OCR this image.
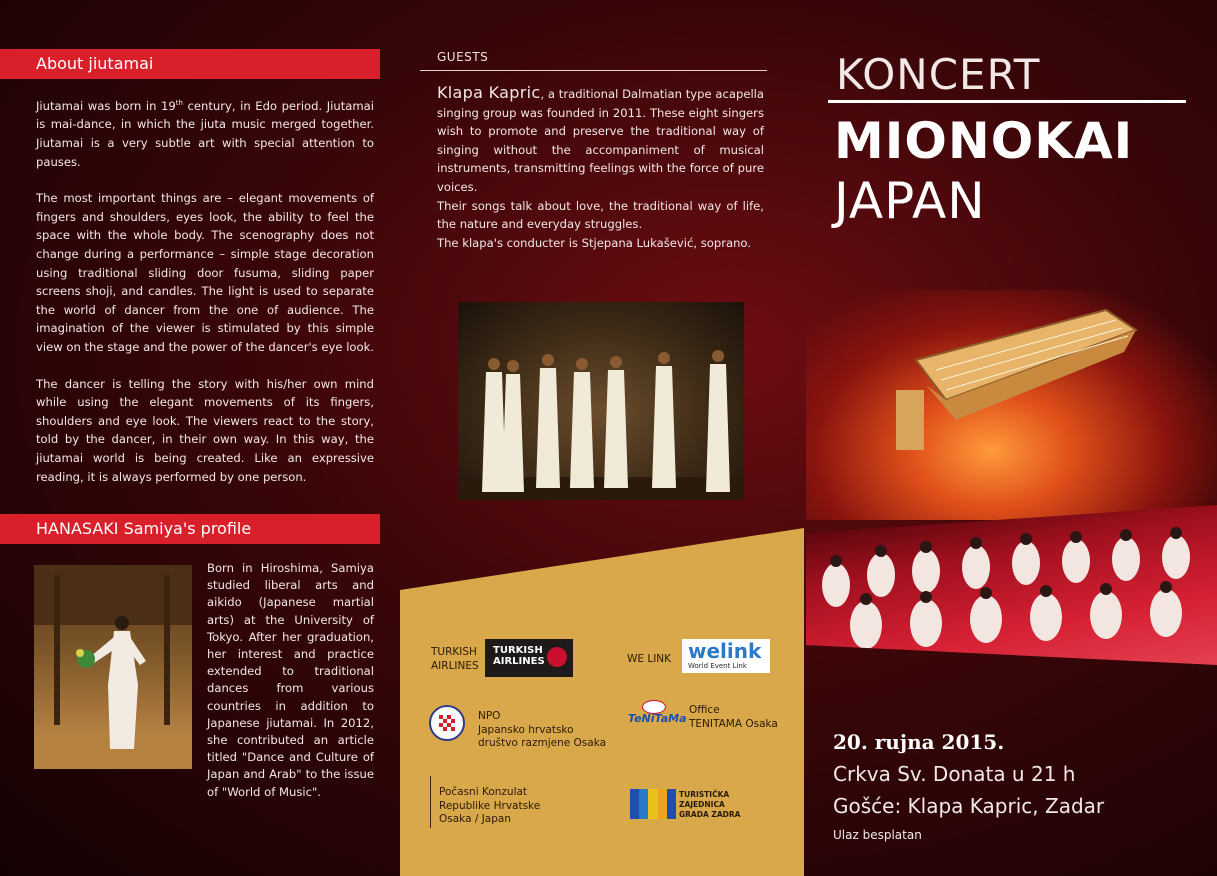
About jiutamai

Jiutamai was born in 19th century, in Edo period. Jiutamai is mai-dance, in which the jiuta music merged together. Jiutamai is a very subtle art with special attention to pauses.

The most important things are – elegant movements of fingers and shoulders, eyes look, the ability to feel the space with the whole body. The scenography does not change during a performance – simple stage decoration using traditional sliding door fusuma, sliding paper screens shoji, and candles. The light is used to separate the world of dancer from the one of audience. The imagination of the viewer is stimulated by this simple view on the stage and the power of the dancer's eye look.

The dancer is telling the story with his/her own mind while using the elegant movements of its fingers, shoulders and eye look. The viewers react to the story, told by the dancer, in their own way. In this way, the jiutamai world is being created. Like an expressive reading, it is always performed by one person.

HANASAKI Samiya's profile
Born in Hiroshima, Samiya studied liberal arts and aikido (Japanese martial arts) at the University of Tokyo. After her graduation, her interest and practice extended to traditional dances from various countries in addition to Japanese jiutamai. In 2012, she contributed an article titled "Dance and Culture of Japan and Arab" to the issue of "World of Music".
GUESTS
Klapa Kapric, a traditional Dalmatian type acapella singing group was founded in 2011. These eight singers wish to promote and preserve the traditional way of singing without the accompaniment of musical instruments, transmitting feelings with the force of pure voices.
Their songs talk about love, the traditional way of life, the nature and everyday struggles.
The klapa's conducter is Stjepana Lukašević, soprano.
TURKISH
AIRLINES
TURKISH
AIRLINES	WE LINK welink
World Event Link
NPO
Japansko hrvatsko
društvo razmjene Osaka
TeNiTaMa
Office
TENITAMA Osaka
Počasni Konzulat
Republike Hrvatske
Osaka / Japan
TURISTIČKA
ZAJEDNICA
GRADA ZADRA
KONCERT
MIONOKAI
JAPAN
20. rujna 2015.
Crkva Sv. Donata u 21 h
Gošće: Klapa Kapric, Zadar
Ulaz besplatan
